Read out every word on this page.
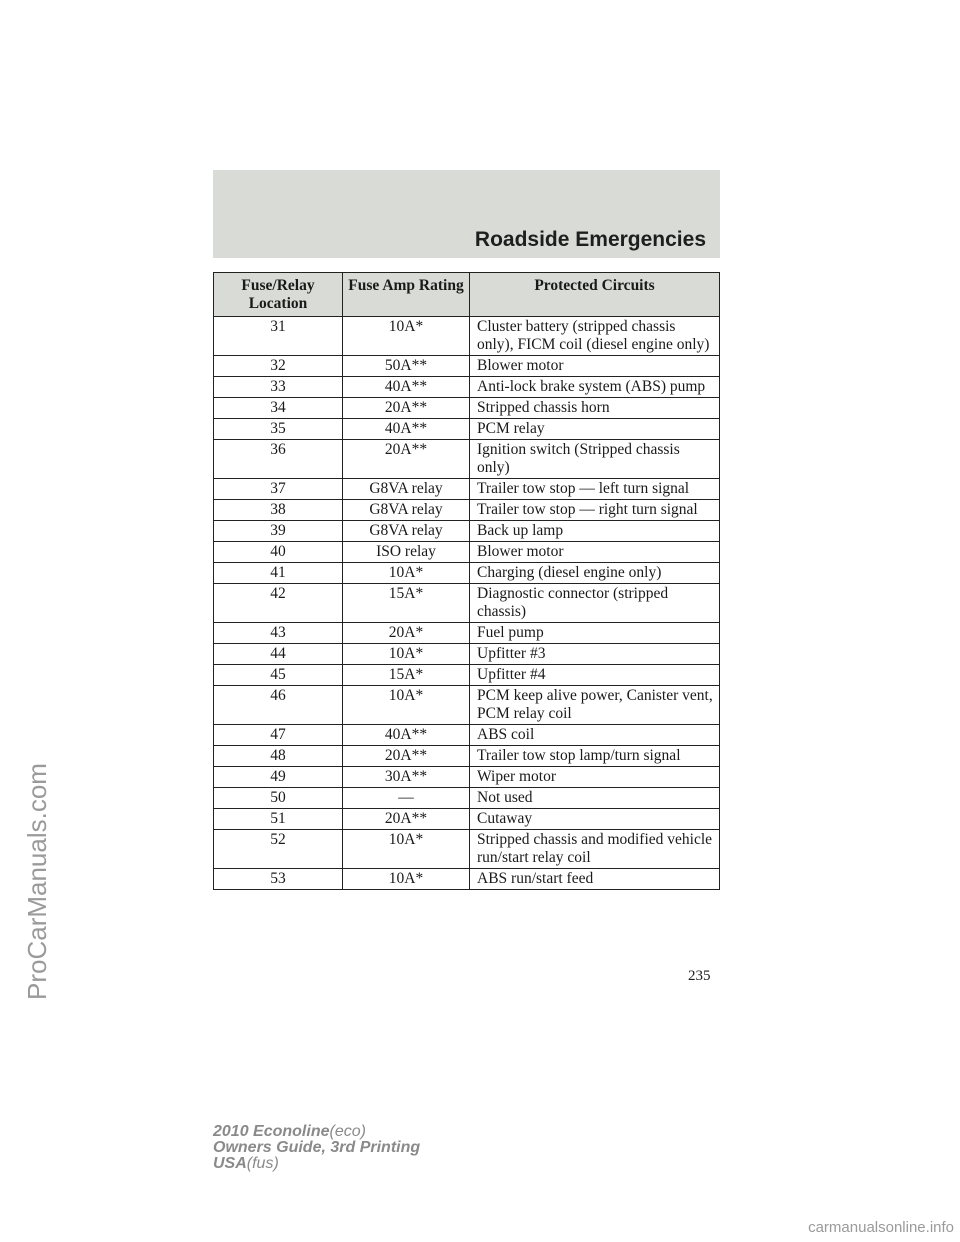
Roadside Emergencies
Fuse/Relay Location	Fuse Amp Rating	Protected Circuits
31	10A*	Cluster battery (stripped chassis only), FICM coil (diesel engine only)
32	50A**	Blower motor
33	40A**	Anti-lock brake system (ABS) pump
34	20A**	Stripped chassis horn
35	40A**	PCM relay
36	20A**	Ignition switch (Stripped chassis only)
37	G8VA relay	Trailer tow stop — left turn signal
38	G8VA relay	Trailer tow stop — right turn signal
39	G8VA relay	Back up lamp
40	ISO relay	Blower motor
41	10A*	Charging (diesel engine only)
42	15A*	Diagnostic connector (stripped chassis)
43	20A*	Fuel pump
44	10A*	Upfitter #3
45	15A*	Upfitter #4
46	10A*	PCM keep alive power, Canister vent, PCM relay coil
47	40A**	ABS coil
48	20A**	Trailer tow stop lamp/turn signal
49	30A**	Wiper motor
50	—	Not used
51	20A**	Cutaway
52	10A*	Stripped chassis and modified vehicle run/start relay coil
53	10A*	ABS run/start feed
235
2010 Econoline(eco)
Owners Guide, 3rd Printing
USA(fus)
ProCarManuals.com
carmanualsonline.info
